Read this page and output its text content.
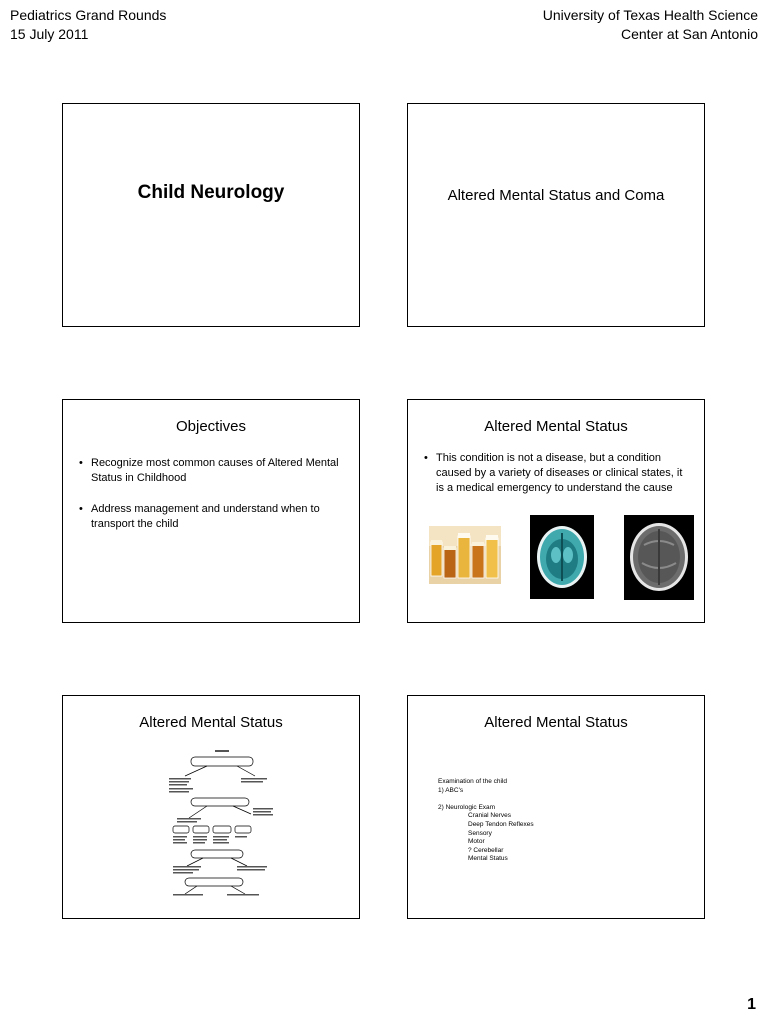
Pediatrics Grand Rounds
15 July 2011
University of Texas Health Science
Center at San Antonio
Child Neurology	Altered Mental Status and Coma
Objectives
• Recognize most common causes of Altered Mental Status in Childhood
• Address management and understand when to transport the child
Altered Mental Status
• This condition is not a disease, but a condition caused by a variety of diseases or clinical states, it is a medical emergency to understand the cause
Altered Mental Status	Altered Mental Status
Examination of the child
1) ABC's

2) Neurologic Exam
Cranial Nerves
Deep Tendon Reflexes
Sensory
Motor
? Cerebellar
Mental Status
1
